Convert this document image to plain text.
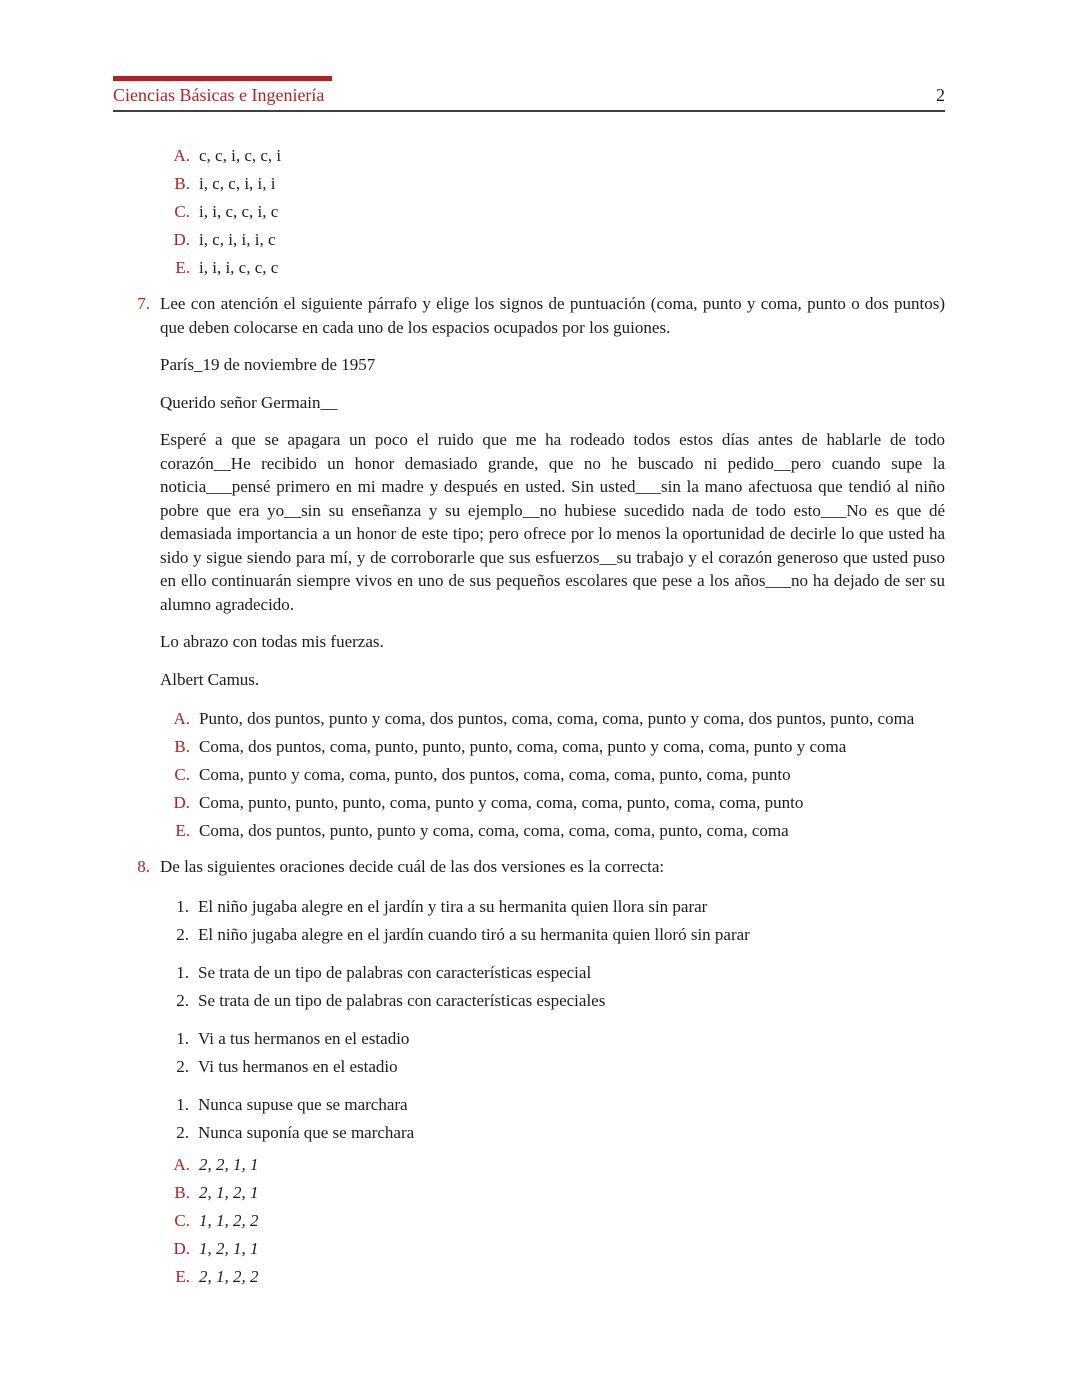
Ciencias Básicas e Ingeniería	2
A. c, c, i, c, c, i
B. i, c, c, i, i, i
C. i, i, c, c, i, c
D. i, c, i, i, i, c
E. i, i, i, c, c, c
7. Lee con atención el siguiente párrafo y elige los signos de puntuación (coma, punto y coma, punto o dos puntos) que deben colocarse en cada uno de los espacios ocupados por los guiones.

París_19 de noviembre de 1957

Querido señor Germain__

Esperé a que se apagara un poco el ruido que me ha rodeado todos estos días antes de hablarle de todo corazón__He recibido un honor demasiado grande, que no he buscado ni pedido__pero cuando supe la noticia___pensé primero en mi madre y después en usted. Sin usted___sin la mano afectuosa que tendió al niño pobre que era yo__sin su enseñanza y su ejemplo__no hubiese sucedido nada de todo esto___No es que dé demasiada importancia a un honor de este tipo; pero ofrece por lo menos la oportunidad de decirle lo que usted ha sido y sigue siendo para mí, y de corroborarle que sus esfuerzos__su trabajo y el corazón generoso que usted puso en ello continuarán siempre vivos en uno de sus pequeños escolares que pese a los años___no ha dejado de ser su alumno agradecido.

Lo abrazo con todas mis fuerzas.

Albert Camus.

A. Punto, dos puntos, punto y coma, dos puntos, coma, coma, coma, punto y coma, dos puntos, punto, coma
B. Coma, dos puntos, coma, punto, punto, punto, coma, coma, punto y coma, coma, punto y coma
C. Coma, punto y coma, coma, punto, dos puntos, coma, coma, coma, punto, coma, punto
D. Coma, punto, punto, punto, coma, punto y coma, coma, coma, punto, coma, coma, punto
E. Coma, dos puntos, punto, punto y coma, coma, coma, coma, coma, punto, coma, coma
8. De las siguientes oraciones decide cuál de las dos versiones es la correcta:
1. El niño jugaba alegre en el jardín y tira a su hermanita quien llora sin parar
2. El niño jugaba alegre en el jardín cuando tiró a su hermanita quien lloró sin parar
1. Se trata de un tipo de palabras con características especial
2. Se trata de un tipo de palabras con características especiales
1. Vi a tus hermanos en el estadio
2. Vi tus hermanos en el estadio
1. Nunca supuse que se marchara
2. Nunca suponía que se marchara
A. 2, 2, 1, 1
B. 2, 1, 2, 1
C. 1, 1, 2, 2
D. 1, 2, 1, 1
E. 2, 1, 2, 2
